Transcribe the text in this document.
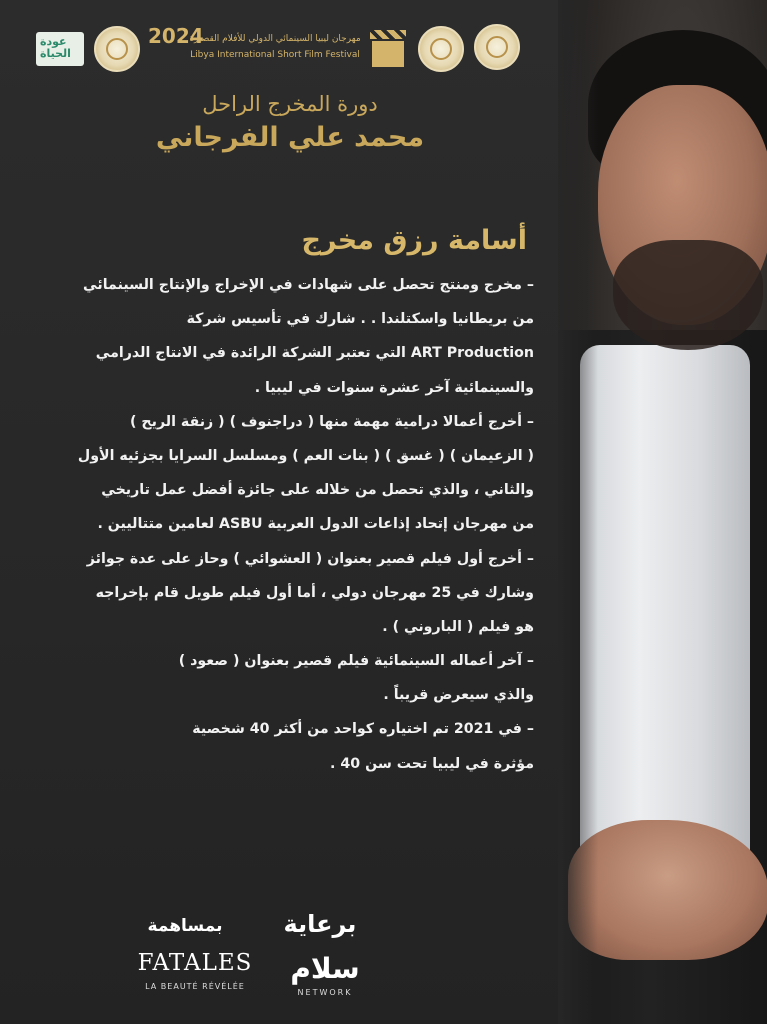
عودة الحياة
2024
مهرجان ليبيا السينمائي الدولي للأفلام القصيرة
Libya International Short Film Festival
دورة المخرج الراحل
محمد علي الفرجاني
أسامة رزق مخرج
– مخرج ومنتج تحصل على شهادات في الإخراج والإنتاج السينمائي
من بريطانيا واسكتلندا . . شارك في تأسيس شركة
ART Production التي تعتبر الشركة الرائدة في الانتاج الدرامي
والسينمائية آخر عشرة سنوات في ليبيا .
– أخرج أعمالا درامية مهمة منها ( دراجنوف ) ( زنقة الريح )
( الزعيمان ) ( غسق ) ( بنات العم ) ومسلسل السرايا بجزئيه الأول
والثاني ، والذي تحصل من خلاله على جائزة أفضل عمل تاريخي
من مهرجان إتحاد إذاعات الدول العربية ASBU لعامين متتاليين .
– أخرج أول فيلم قصير بعنوان ( العشوائي ) وحاز على عدة جوائز
وشارك في 25 مهرجان دولي ، أما أول فيلم طويل قام بإخراجه
هو فيلم ( الباروني ) .
– آخر أعماله السينمائية فيلم قصير بعنوان ( صعود )
والذي سيعرض قريباً .
– في 2021 تم اختياره كواحد من أكثر 40 شخصية
مؤثرة في ليبيا تحت سن 40 .
برعاية
بمساهمة
FATALES
LA BEAUTÉ RÉVÉLÉE
سلام
NETWORK
